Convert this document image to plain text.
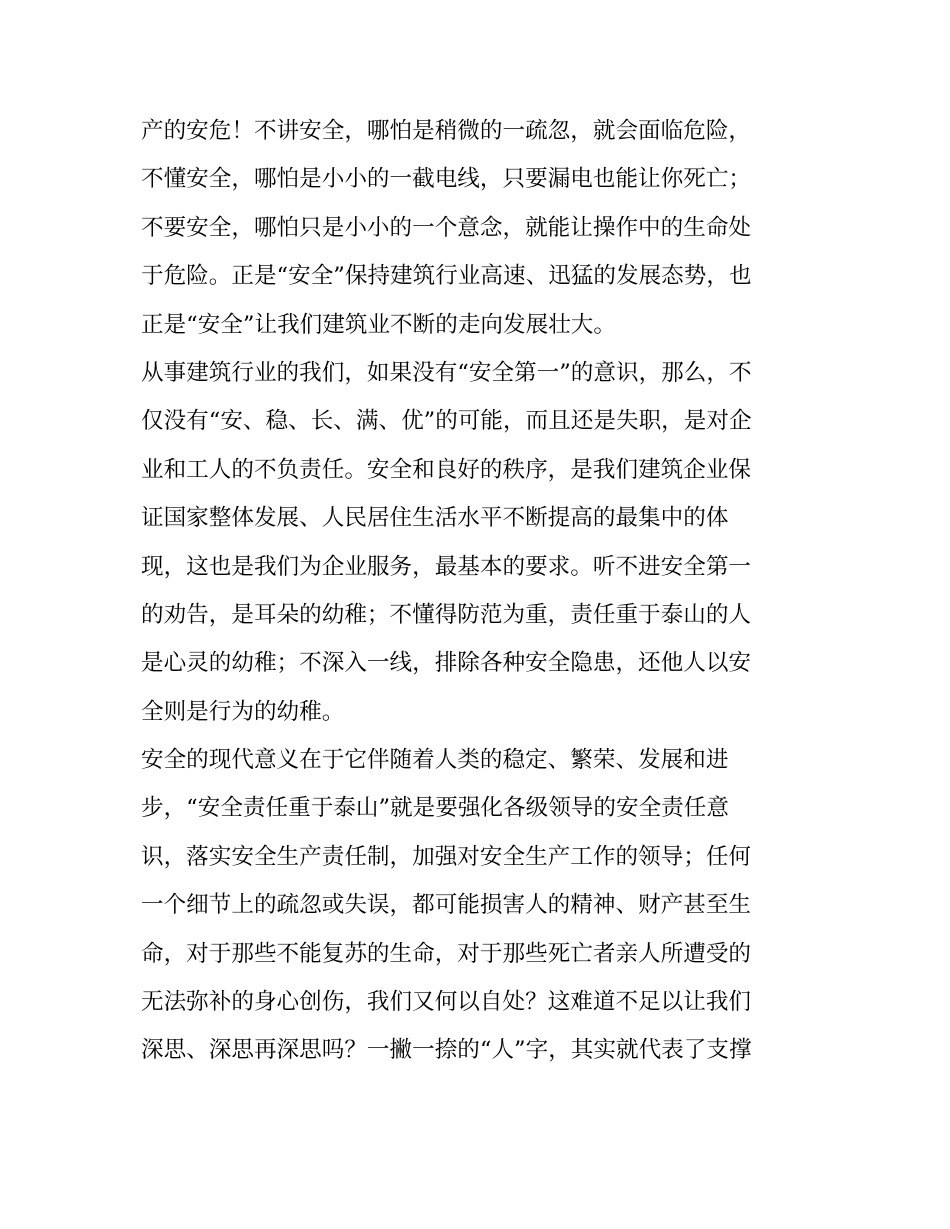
产的安危！不讲安全，哪怕是稍微的一疏忽，就会面临危险，
不懂安全，哪怕是小小的一截电线，只要漏电也能让你死亡；
不要安全，哪怕只是小小的一个意念，就能让操作中的生命处
于危险。正是“安全”保持建筑行业高速、迅猛的发展态势，也
正是“安全”让我们建筑业不断的走向发展壮大。
从事建筑行业的我们，如果没有“安全第一”的意识，那么，不
仅没有“安、稳、长、满、优”的可能，而且还是失职，是对企
业和工人的不负责任。安全和良好的秩序，是我们建筑企业保
证国家整体发展、人民居住生活水平不断提高的最集中的体
现，这也是我们为企业服务，最基本的要求。听不进安全第一
的劝告，是耳朵的幼稚；不懂得防范为重，责任重于泰山的人
是心灵的幼稚；不深入一线，排除各种安全隐患，还他人以安
全则是行为的幼稚。
安全的现代意义在于它伴随着人类的稳定、繁荣、发展和进
步，“安全责任重于泰山”就是要强化各级领导的安全责任意
识，落实安全生产责任制，加强对安全生产工作的领导；任何
一个细节上的疏忽或失误，都可能损害人的精神、财产甚至生
命，对于那些不能复苏的生命，对于那些死亡者亲人所遭受的
无法弥补的身心创伤，我们又何以自处？这难道不足以让我们
深思、深思再深思吗？一撇一捺的“人”字，其实就代表了支撑
